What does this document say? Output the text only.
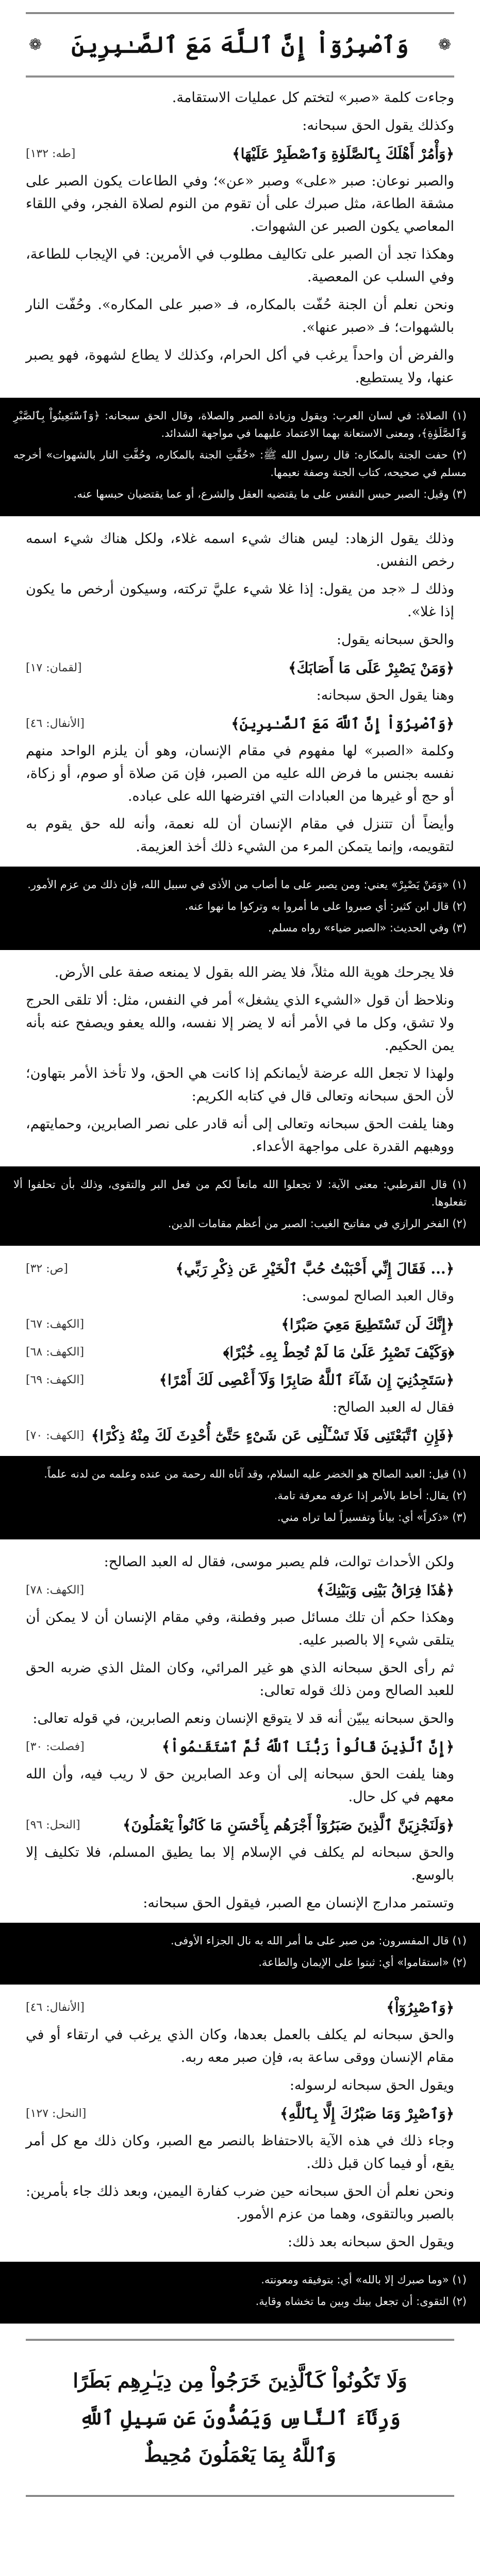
❁
وَٱصْبِرُوٓاْ إِنَّ ٱللَّهَ مَعَ ٱلصَّـٰبِرِينَ
❁

وجاءت كلمة «صبر» لتختم كل عمليات الاستقامة.

وكذلك يقول الحق سبحانه:

﴿وَأْمُرْ أَهْلَكَ بِٱلصَّلَوٰةِ وَٱصْطَبِرْ عَلَيْهَا﴾
[طه: ١٣٢]

والصبر نوعان: صبر «على» وصبر «عن»؛ وفي الطاعات يكون الصبر على مشقة الطاعة، مثل صبرك على أن تقوم من النوم لصلاة الفجر، وفي اللقاء المعاصي يكون الصبر عن الشهوات.

وهكذا تجد أن الصبر على تكاليف مطلوب في الأمرين: في الإيجاب للطاعة، وفي السلب عن المعصية.

ونحن نعلم أن الجنة حُفّت بالمكاره، فـ «صبر على المكاره». وحُفّت النار بالشهوات؛ فـ «صبر عنها».

والفرض أن واحداً يرغب في أكل الحرام، وكذلك لا يطاع لشهوة، فهو يصبر عنها، ولا يستطيع.

(١) الصلاة: في لسان العرب: ويقول وزيادة الصبر والصلاة، وقال الحق سبحانه: ﴿وَٱسْتَعِينُواْ بِٱلصَّبْرِ وَٱلصَّلَوٰةِ﴾، ومعنى الاستعانة بهما الاعتماد عليهما في مواجهة الشدائد.

(٢) حفت الجنة بالمكاره: قال رسول الله ﷺ: «حُفَّتِ الجنة بالمكاره، وحُفَّتِ النار بالشهوات» أخرجه مسلم في صحيحه، كتاب الجنة وصفة نعيمها.

(٣) وقيل: الصبر حبس النفس على ما يقتضيه العقل والشرع، أو عما يقتضيان حبسها عنه.

وذلك يقول الزهاد: ليس هناك شيء اسمه غلاء، ولكل هناك شيء اسمه رخص النفس.

وذلك لـ «جد من يقول: إذا غلا شيء عليَّ تركته، وسيكون أرخص ما يكون إذا غلا».

والحق سبحانه يقول:

﴿وَمَنْ يَصْبِرْ عَلَى مَا أَصَابَكَ﴾
[لقمان: ١٧]

وهنا يقول الحق سبحانه:

﴿وَٱصْبِرُوٓاْ إِنَّ ٱللَّهَ مَعَ ٱلصَّـٰبِرِينَ﴾
[الأنفال: ٤٦]

وكلمة «الصبر» لها مفهوم في مقام الإنسان، وهو أن يلزم الواحد منهم نفسه بجنس ما فرض الله عليه من الصبر، فإن مَن صلاة أو صوم، أو زكاة، أو حج أو غيرها من العبادات التي افترضها الله على عباده.

وأيضاً أن تتنزل في مقام الإنسان أن لله نعمة، وأنه لله حق يقوم به لتقويمه، وإنما يتمكن المرء من الشيء ذلك أخذ العزيمة.

(١) «وَمَنْ يَصْبِرْ» يعني: ومن يصبر على ما أصاب من الأذى في سبيل الله، فإن ذلك من عزم الأمور.

(٢) قال ابن كثير: أي صبروا على ما أمروا به وتركوا ما نهوا عنه.

(٣) وفي الحديث: «الصبر ضياء» رواه مسلم.

فلا يجرحك هوية الله مثلاً، فلا يضر الله بقول لا يمنعه صفة على الأرض.

ونلاحظ أن قول «الشيء الذي يشغل» أمر في النفس، مثل: ألا تلقى الحرج ولا تشق، وكل ما في الأمر أنه لا يضر إلا نفسه، والله يعفو ويصفح عنه بأنه يمن الحكيم.

ولهذا لا تجعل الله عرضة لأيمانكم إذا كانت هي الحق، ولا تأخذ الأمر بتهاون؛ لأن الحق سبحانه وتعالى قال في كتابه الكريم:

وهنا يلفت الحق سبحانه وتعالى إلى أنه قادر على نصر الصابرين، وحمايتهم، ووهبهم القدرة على مواجهة الأعداء.

(١) قال القرطبي: معنى الآية: لا تجعلوا الله مانعاً لكم من فعل البر والتقوى، وذلك بأن تحلفوا ألا تفعلوها.

(٢) الفخر الرازي في مفاتيح الغيب: الصبر من أعظم مقامات الدين.

﴿... فَقَالَ إِنِّي أَحْبَبْتُ حُبَّ ٱلْخَيْرِ عَن ذِكْرِ رَبِّي﴾
[ص: ٣٢]

وقال العبد الصالح لموسى:

﴿إِنَّكَ لَن تَسْتَطِيعَ مَعِيَ صَبْرًا﴾
[الكهف: ٦٧]
﴿وَكَيْفَ تَصْبِرُ عَلَىٰ مَا لَمْ تُحِطْ بِهِۦ خُبْرًا﴾
[الكهف: ٦٨]
﴿سَتَجِدُنِيٓ إِن شَآءَ ٱللَّهُ صَابِرًا وَلَآ أَعْصِى لَكَ أَمْرًا﴾
[الكهف: ٦٩]

فقال له العبد الصالح:

﴿فَإِنِ ٱتَّبَعْتَنِى فَلَا تَسْـَٔلْنِى عَن شَىْءٍ حَتَّىٰٓ أُحْدِثَ لَكَ مِنْهُ ذِكْرًا﴾
[الكهف: ٧٠]

(١) قيل: العبد الصالح هو الخضر عليه السلام، وقد آتاه الله رحمة من عنده وعلمه من لدنه علماً.

(٢) يقال: أحاط بالأمر إذا عرفه معرفة تامة.

(٣) «ذكراً» أي: بياناً وتفسيراً لما تراه مني.

ولكن الأحداث توالت، فلم يصبر موسى، فقال له العبد الصالح:

﴿هَٰذَا فِرَاقُ بَيْنِى وَبَيْنِكَ﴾
[الكهف: ٧٨]

وهكذا حكم أن تلك مسائل صبر وفطنة، وفي مقام الإنسان أن لا يمكن أن يتلقى شيء إلا بالصبر عليه.

ثم رأى الحق سبحانه الذي هو غير المرائي، وكان المثل الذي ضربه الحق للعبد الصالح ومن ذلك قوله تعالى:

والحق سبحانه يبيّن أنه قد لا يتوقع الإنسان ونعم الصابرين، في قوله تعالى:

﴿إِنَّ ٱلَّذِينَ قَالُواْ رَبُّنَا ٱللَّهُ ثُمَّ ٱسْتَقَـٰمُواْ﴾
[فصلت: ٣٠]

وهنا يلفت الحق سبحانه إلى أن وعد الصابرين حق لا ريب فيه، وأن الله معهم في كل حال.

﴿وَلَنَجْزِيَنَّ ٱلَّذِينَ صَبَرُوٓاْ أَجْرَهُم بِأَحْسَنِ مَا كَانُواْ يَعْمَلُونَ﴾
[النحل: ٩٦]

والحق سبحانه لم يكلف في الإسلام إلا بما يطيق المسلم، فلا تكليف إلا بالوسع.

وتستمر مدارج الإنسان مع الصبر، فيقول الحق سبحانه:

(١) قال المفسرون: من صبر على ما أمر الله به نال الجزاء الأوفى.

(٢) «استقاموا» أي: ثبتوا على الإيمان والطاعة.

﴿وَٱصْبِرُوٓاْ﴾
[الأنفال: ٤٦]

والحق سبحانه لم يكلف بالعمل بعدها، وكان الذي يرغب في ارتقاء أو في مقام الإنسان ووقى ساعة به، فإن صبر معه ربه.

ويقول الحق سبحانه لرسوله:

﴿وَٱصْبِرْ وَمَا صَبْرُكَ إِلَّا بِٱللَّهِ﴾
[النحل: ١٢٧]

وجاء ذلك في هذه الآية بالاحتفاظ بالنصر مع الصبر، وكان ذلك مع كل أمر يقع، أو فيما كان قبل ذلك.

ونحن نعلم أن الحق سبحانه حين ضرب كفارة اليمين، وبعد ذلك جاء بأمرين: بالصبر وبالتقوى، وهما من عزم الأمور.

ويقول الحق سبحانه بعد ذلك:

(١) «وما صبرك إلا بالله» أي: بتوفيقه ومعونته.

(٢) التقوى: أن تجعل بينك وبين ما تخشاه وقاية.

وَلَا تَكُونُواْ كَٱلَّذِينَ خَرَجُواْ مِن دِيَـٰرِهِم بَطَرًا
وَرِئَآءَ ٱلنَّاسِ وَيَصُدُّونَ عَن سَبِيلِ ٱللَّهِ
وَٱللَّهُ بِمَا يَعْمَلُونَ مُحِيطٌ
